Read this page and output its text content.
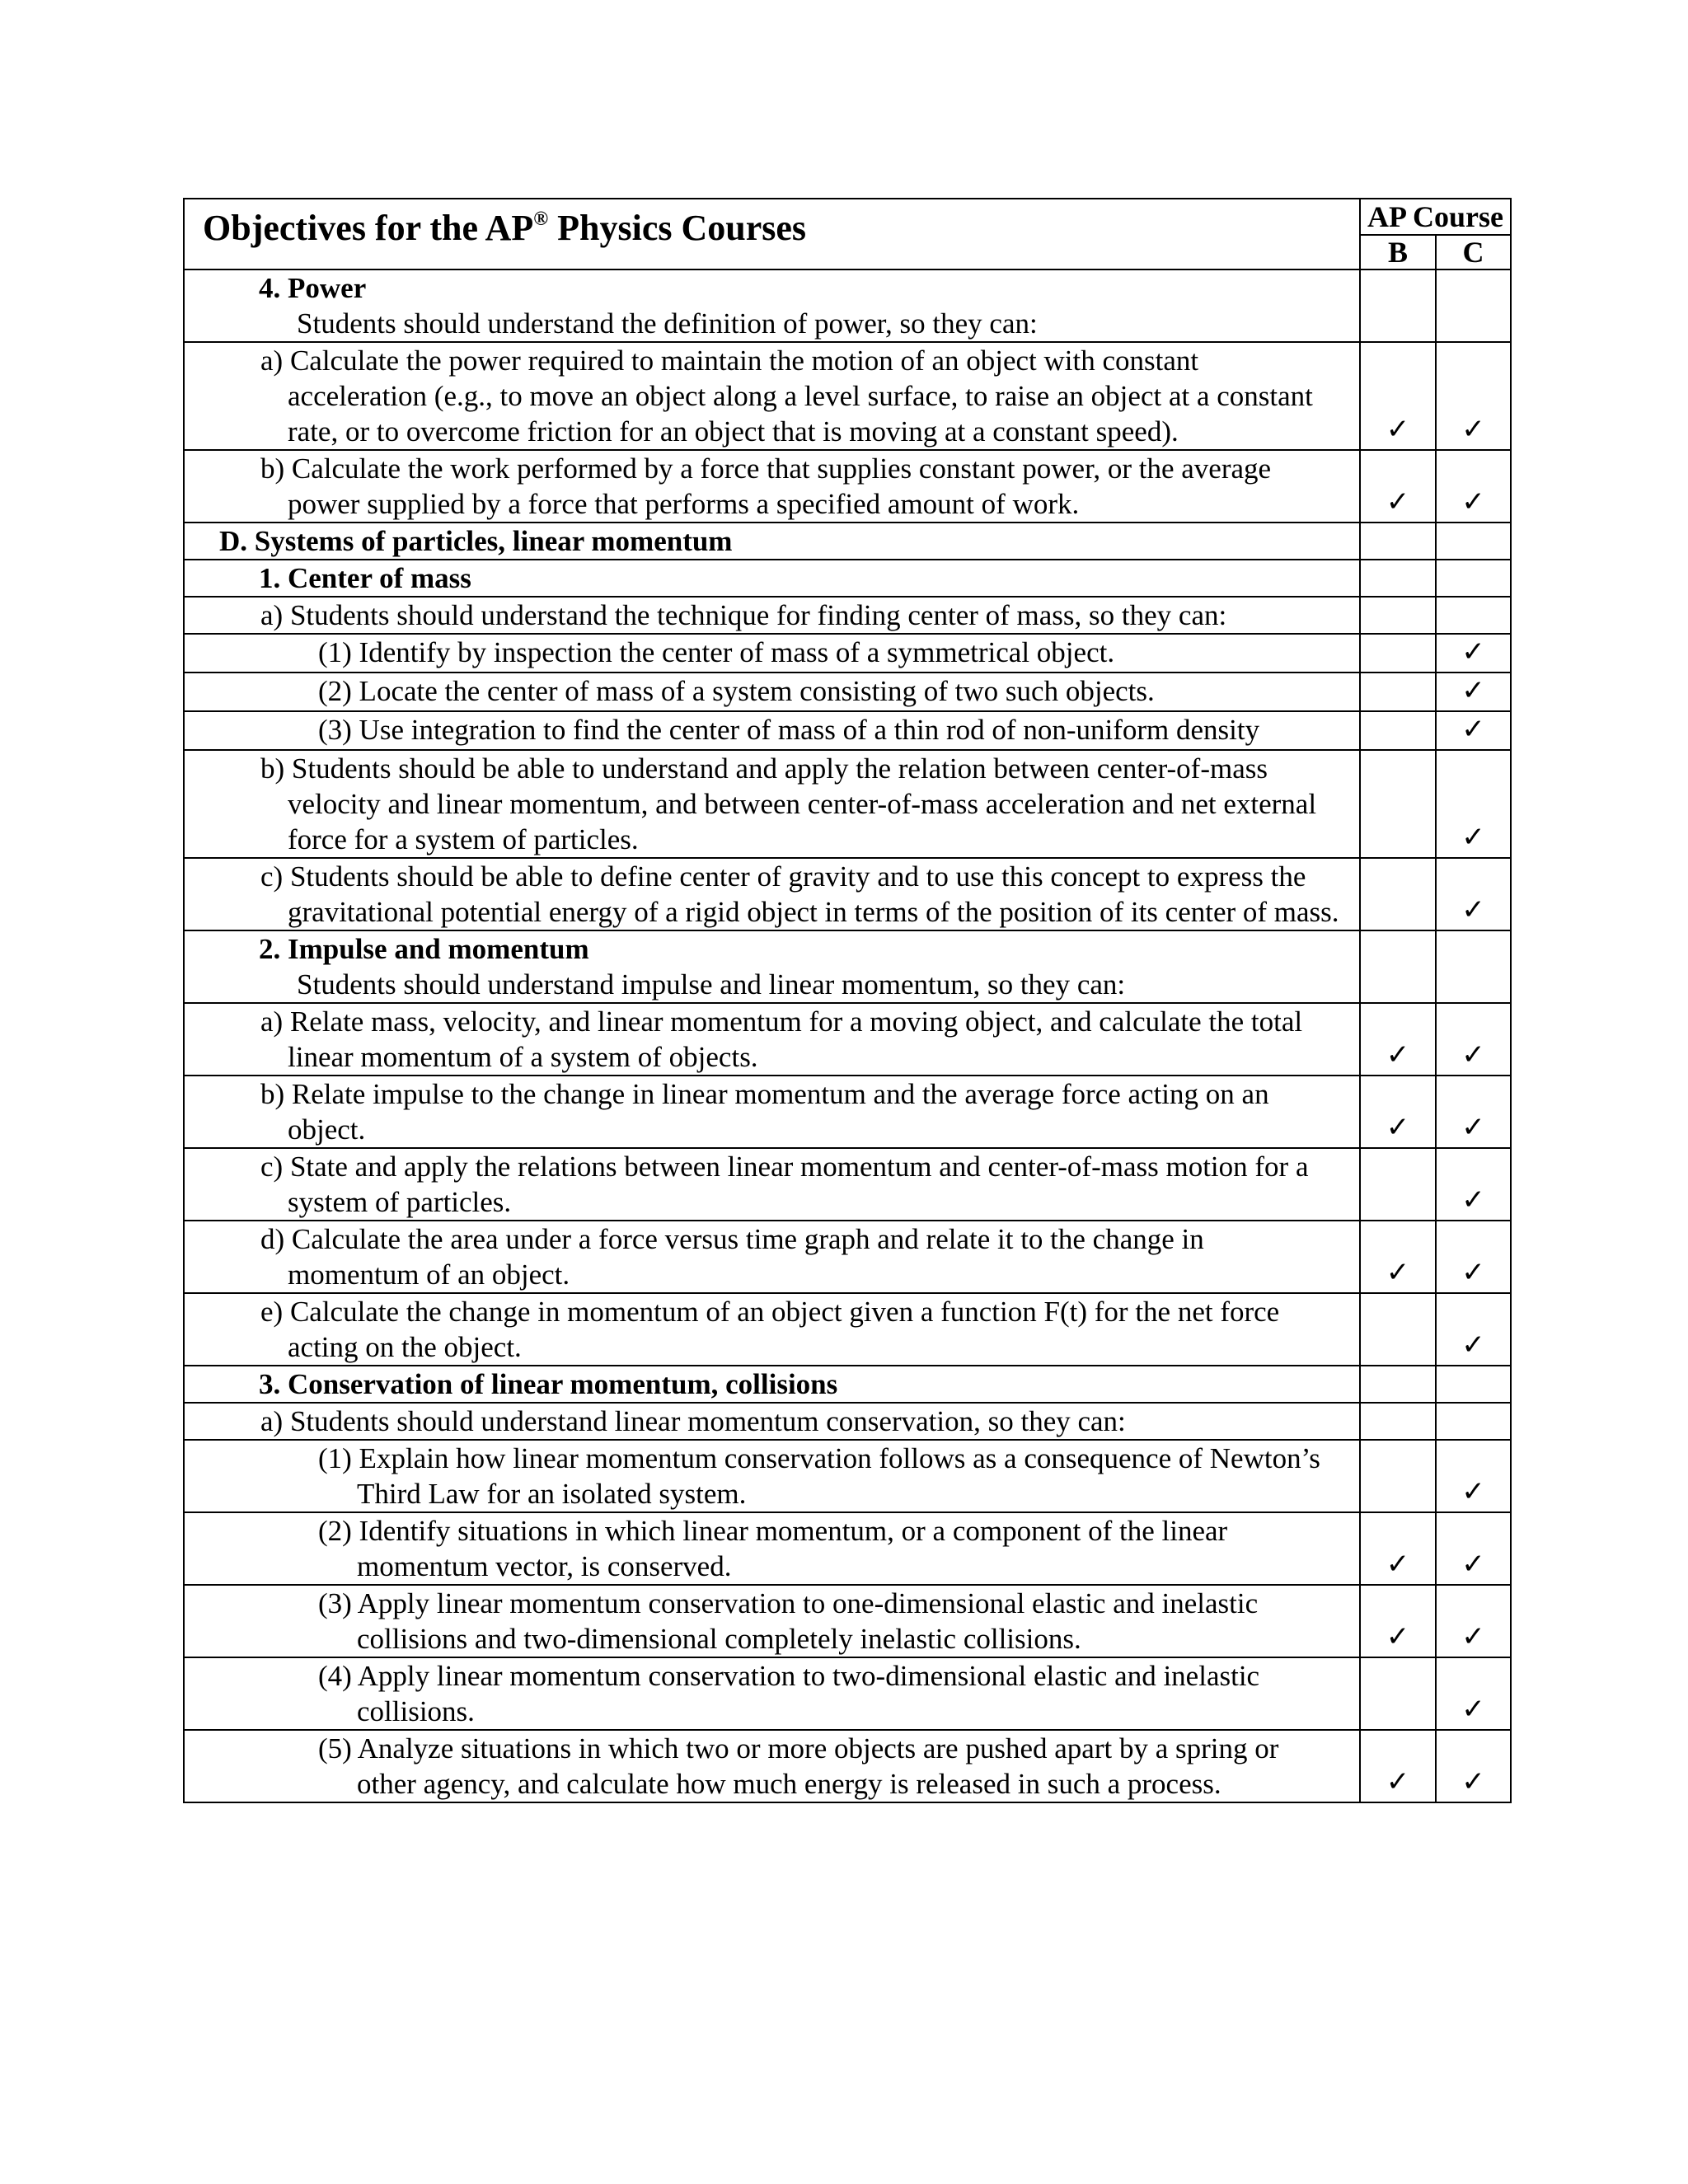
Objectives for the AP® Physics Courses	AP Course	
	B	C

4. Power
Students should understand the definition of power, so they can:		

a) Calculate the power required to maintain the motion of an object with constant acceleration (e.g., to move an object along a level surface, to raise an object at a constant rate, or to overcome friction for an object that is moving at a constant speed).	✓	✓

b) Calculate the work performed by a force that supplies constant power, or the average power supplied by a force that performs a specified amount of work.	✓	✓

D. Systems of particles, linear momentum		

1. Center of mass		

a) Students should understand the technique for finding center of mass, so they can:		

(1) Identify by inspection the center of mass of a symmetrical object.		✓

(2) Locate the center of mass of a system consisting of two such objects.		✓

(3) Use integration to find the center of mass of a thin rod of non-uniform density		✓

b) Students should be able to understand and apply the relation between center-of-mass velocity and linear momentum, and between center-of-mass acceleration and net external force for a system of particles.		✓

c) Students should be able to define center of gravity and to use this concept to express the gravitational potential energy of a rigid object in terms of the position of its center of mass.		✓

2. Impulse and momentum
Students should understand impulse and linear momentum, so they can:		

a) Relate mass, velocity, and linear momentum for a moving object, and calculate the total linear momentum of a system of objects.	✓	✓

b) Relate impulse to the change in linear momentum and the average force acting on an object.	✓	✓

c) State and apply the relations between linear momentum and center-of-mass motion for a system of particles.		✓

d) Calculate the area under a force versus time graph and relate it to the change in momentum of an object.	✓	✓

e) Calculate the change in momentum of an object given a function F(t) for the net force acting on the object.		✓

3. Conservation of linear momentum, collisions		

a) Students should understand linear momentum conservation, so they can:		

(1) Explain how linear momentum conservation follows as a consequence of Newton’s Third Law for an isolated system.		✓

(2) Identify situations in which linear momentum, or a component of the linear momentum vector, is conserved.	✓	✓

(3) Apply linear momentum conservation to one-dimensional elastic and inelastic collisions and two-dimensional completely inelastic collisions.	✓	✓

(4) Apply linear momentum conservation to two-dimensional elastic and inelastic collisions.		✓

(5) Analyze situations in which two or more objects are pushed apart by a spring or other agency, and calculate how much energy is released in such a process.	✓	✓
